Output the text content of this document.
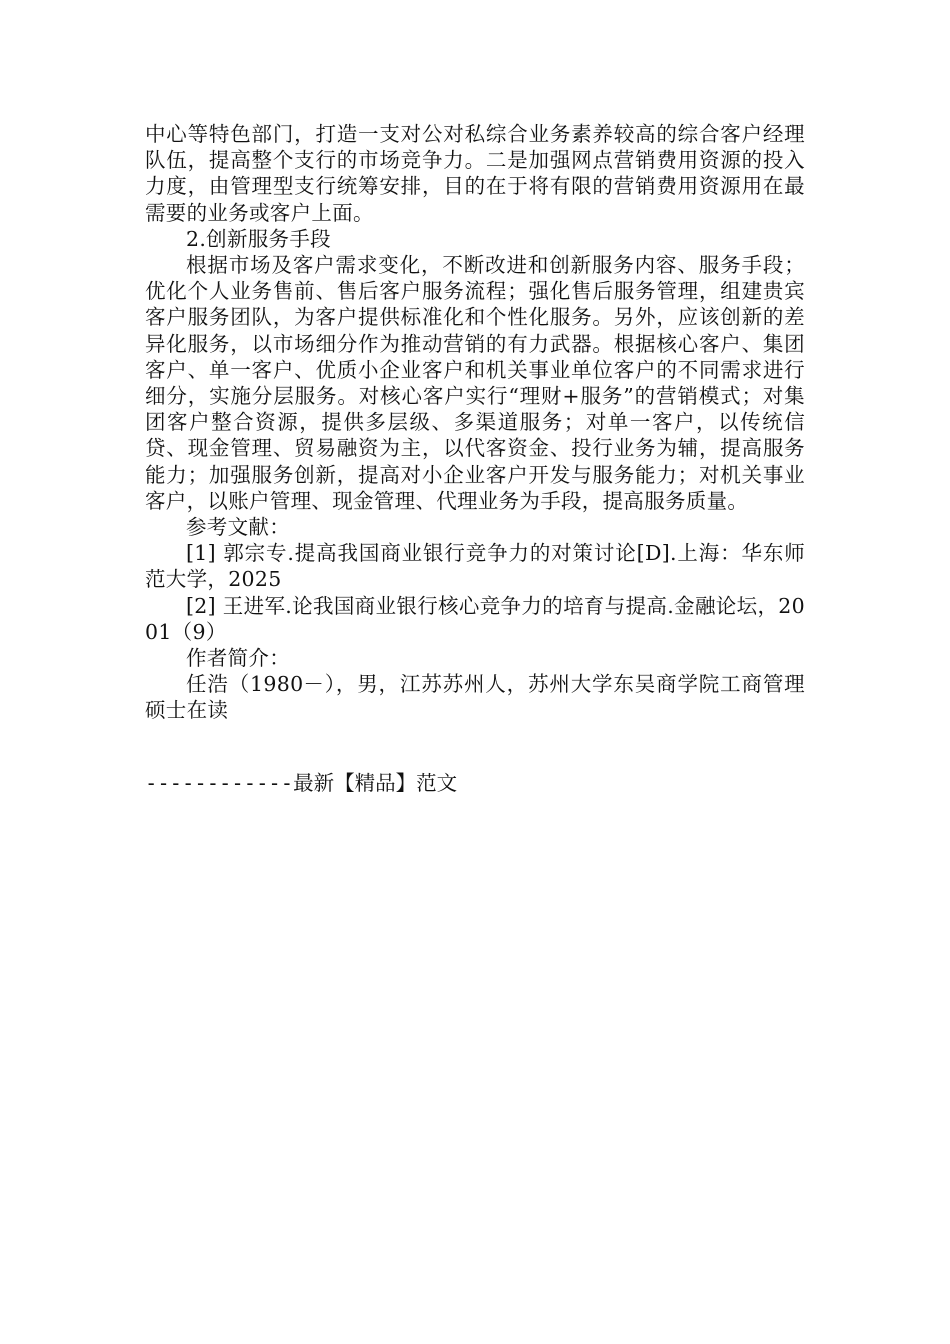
中心等特色部门，打造一支对公对私综合业务素养较高的综合客户经理队伍，提高整个支行的市场竞争力。二是加强网点营销费用资源的投入力度，由管理型支行统筹安排，目的在于将有限的营销费用资源用在最需要的业务或客户上面。

2.创新服务手段

根据市场及客户需求变化，不断改进和创新服务内容、服务手段；优化个人业务售前、售后客户服务流程；强化售后服务管理，组建贵宾客户服务团队，为客户提供标准化和个性化服务。另外，应该创新的差异化服务，以市场细分作为推动营销的有力武器。根据核心客户、集团客户、单一客户、优质小企业客户和机关事业单位客户的不同需求进行细分，实施分层服务。对核心客户实行“理财+服务”的营销模式；对集团客户整合资源，提供多层级、多渠道服务；对单一客户，以传统信贷、现金管理、贸易融资为主，以代客资金、投行业务为辅，提高服务能力；加强服务创新，提高对小企业客户开发与服务能力；对机关事业客户，以账户管理、现金管理、代理业务为手段，提高服务质量。

参考文献：

[1] 郭宗专.提高我国商业银行竞争力的对策讨论[D].上海：华东师范大学，2025

[2] 王进军.论我国商业银行核心竞争力的培育与提高.金融论坛，2001（9）

作者简介：

任浩（1980－），男，江苏苏州人，苏州大学东吴商学院工商管理硕士在读

------------最新【精品】范文
